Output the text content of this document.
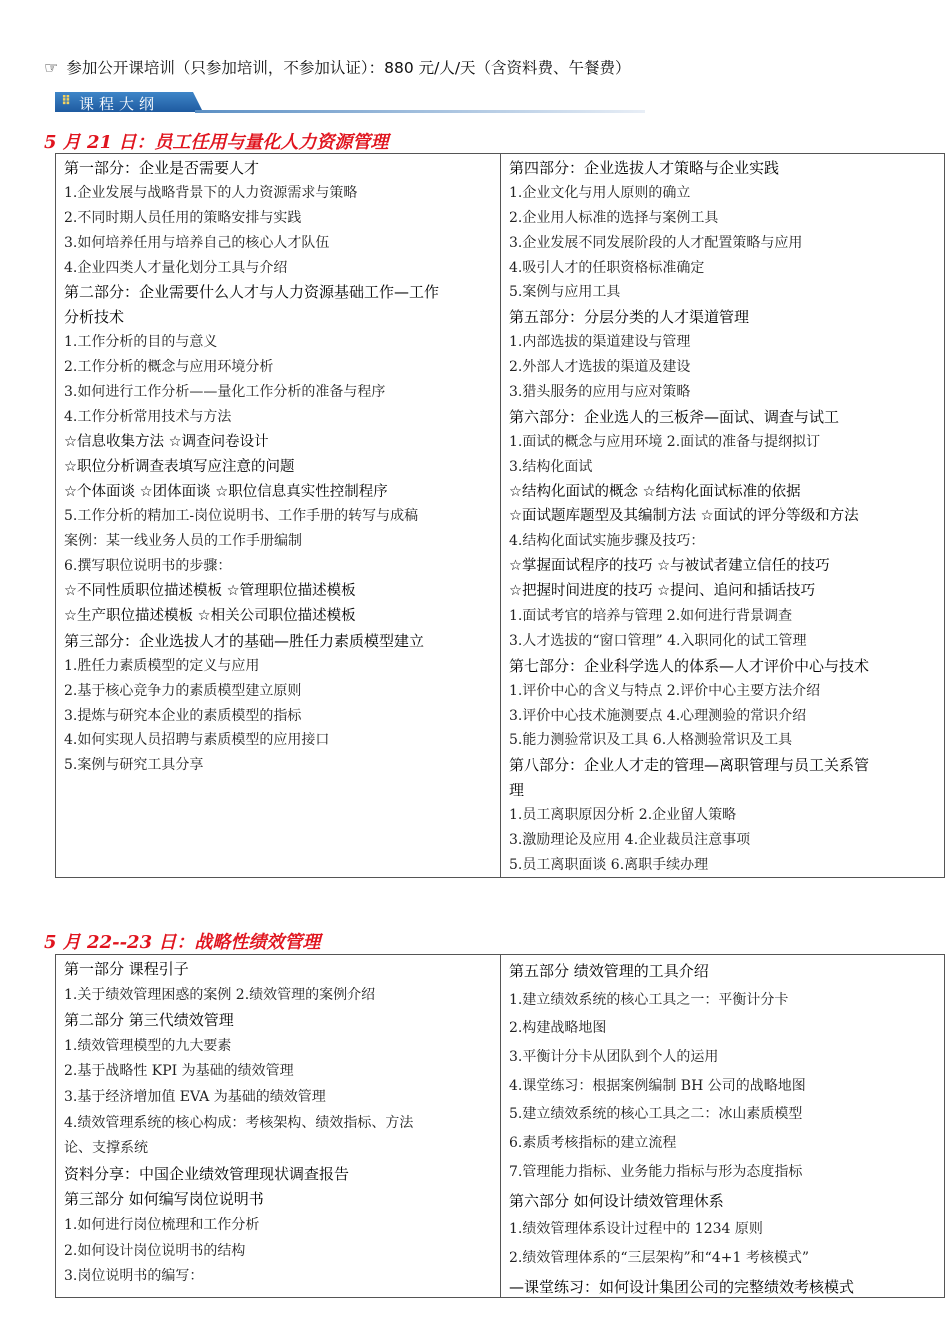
☞ 参加公开课培训（只参加培训，不参加认证）：880 元/人/天（含资料费、午餐费）
⠿ 课程大纲
5 月 21 日：员工任用与量化人力资源管理
第一部分：企业是否需要人才
1.企业发展与战略背景下的人力资源需求与策略
2.不同时期人员任用的策略安排与实践
3.如何培养任用与培养自己的核心人才队伍
4.企业四类人才量化划分工具与介绍
第二部分：企业需要什么人才与人力资源基础工作—工作
分析技术
1.工作分析的目的与意义
2.工作分析的概念与应用环境分析
3.如何进行工作分析——量化工作分析的准备与程序
4.工作分析常用技术与方法
☆信息收集方法 ☆调查问卷设计
☆职位分析调查表填写应注意的问题
☆个体面谈 ☆团体面谈 ☆职位信息真实性控制程序
5.工作分析的精加工-岗位说明书、工作手册的转写与成稿
案例：某一线业务人员的工作手册编制
6.撰写职位说明书的步骤：
☆不同性质职位描述模板 ☆管理职位描述模板
☆生产职位描述模板 ☆相关公司职位描述模板
第三部分：企业选拔人才的基础—胜任力素质模型建立
1.胜任力素质模型的定义与应用
2.基于核心竞争力的素质模型建立原则
3.提炼与研究本企业的素质模型的指标
4.如何实现人员招聘与素质模型的应用接口
5.案例与研究工具分享
第四部分：企业选拔人才策略与企业实践
1.企业文化与用人原则的确立
2.企业用人标准的选择与案例工具
3.企业发展不同发展阶段的人才配置策略与应用
4.吸引人才的任职资格标准确定
5.案例与应用工具
第五部分：分层分类的人才渠道管理
1.内部选拔的渠道建设与管理
2.外部人才选拔的渠道及建设
3.猎头服务的应用与应对策略
第六部分：企业选人的三板斧—面试、调查与试工
1.面试的概念与应用环境 2.面试的准备与提纲拟订
3.结构化面试
☆结构化面试的概念 ☆结构化面试标准的依据
☆面试题库题型及其编制方法 ☆面试的评分等级和方法
4.结构化面试实施步骤及技巧：
☆掌握面试程序的技巧 ☆与被试者建立信任的技巧
☆把握时间进度的技巧 ☆提问、追问和插话技巧
1.面试考官的培养与管理 2.如何进行背景调查
3.人才选拔的“窗口管理” 4.入职同化的试工管理
第七部分：企业科学选人的体系—人才评价中心与技术
1.评价中心的含义与特点 2.评价中心主要方法介绍
3.评价中心技术施测要点 4.心理测验的常识介绍
5.能力测验常识及工具 6.人格测验常识及工具
第八部分：企业人才走的管理—离职管理与员工关系管
理
1.员工离职原因分析 2.企业留人策略
3.激励理论及应用 4.企业裁员注意事项
5.员工离职面谈 6.离职手续办理
5 月 22--23 日：战略性绩效管理
第一部分 课程引子
1.关于绩效管理困惑的案例 2.绩效管理的案例介绍
第二部分 第三代绩效管理
1.绩效管理模型的九大要素
2.基于战略性 KPI 为基础的绩效管理
3.基于经济增加值 EVA 为基础的绩效管理
4.绩效管理系统的核心构成：考核架构、绩效指标、方法
论、支撑系统
资料分享：中国企业绩效管理现状调查报告
第三部分 如何编写岗位说明书
1.如何进行岗位梳理和工作分析
2.如何设计岗位说明书的结构
3.岗位说明书的编写：
第五部分 绩效管理的工具介绍
1.建立绩效系统的核心工具之一：平衡计分卡
2.构建战略地图
3.平衡计分卡从团队到个人的运用
4.课堂练习：根据案例编制 BH 公司的战略地图
5.建立绩效系统的核心工具之二：冰山素质模型
6.素质考核指标的建立流程
7.管理能力指标、业务能力指标与形为态度指标
第六部分 如何设计绩效管理休系
1.绩效管理体系设计过程中的 1234 原则
2.绩效管理体系的“三层架构”和“4+1 考核模式”
—课堂练习：如何设计集团公司的完整绩效考核模式
